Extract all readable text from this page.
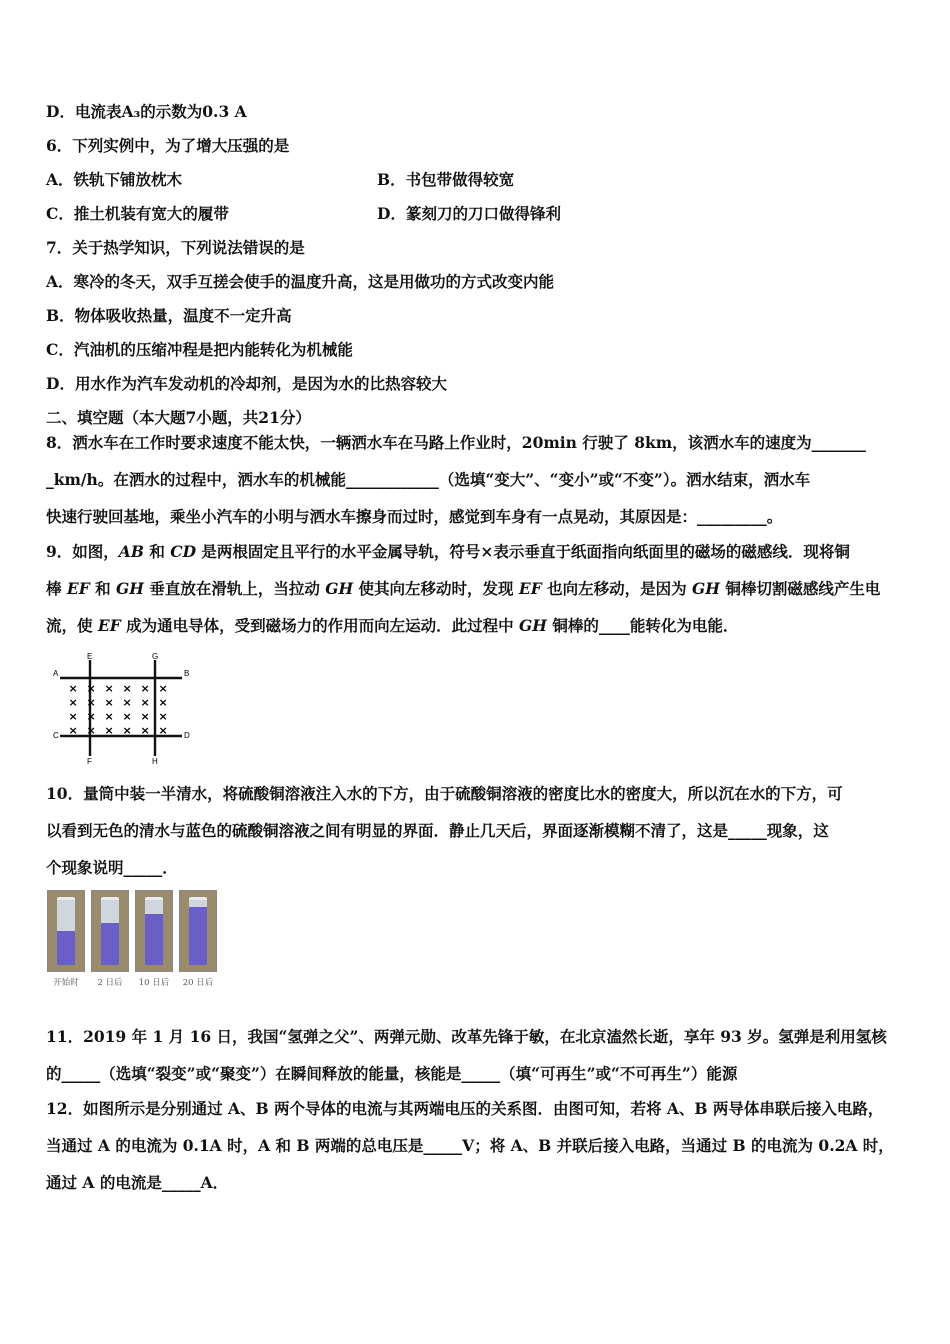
D．电流表A₃的示数为0.3 A
6．下列实例中，为了增大压强的是
A．铁轨下铺放枕木	B．书包带做得较宽
C．推土机装有宽大的履带	D．篆刻刀的刀口做得锋利
7．关于热学知识，下列说法错误的是
A．寒冷的冬天，双手互搓会使手的温度升高，这是用做功的方式改变内能
B．物体吸收热量，温度不一定升高
C．汽油机的压缩冲程是把内能转化为机械能
D．用水作为汽车发动机的冷却剂，是因为水的比热容较大
二、填空题（本大题7小题，共21分）
8．洒水车在工作时要求速度不能太快，一辆洒水车在马路上作业时，20min 行驶了 8km，该洒水车的速度为_______
_km/h。在洒水的过程中，洒水车的机械能____________（选填“变大”、“变小”或“不变”）。洒水结束，洒水车
快速行驶回基地，乘坐小汽车的小明与洒水车擦身而过时，感觉到车身有一点晃动，其原因是：_________。
9．如图，AB 和 CD 是两根固定且平行的水平金属导轨，符号×表示垂直于纸面指向纸面里的磁场的磁感线．现将铜
棒 EF 和 GH 垂直放在滑轨上，当拉动 GH 使其向左移动时，发现 EF 也向左移动，是因为 GH 铜棒切割磁感线产生电
流，使 EF 成为通电导体，受到磁场力的作用而向左运动．此过程中 GH 铜棒的____能转化为电能．
A	B
C	D
E
F
G
H
×
×
×
×
×
×
×
×
×
×
×
×
×
×
×
×
×
×
×
×
×
×
×
×
10．量筒中装一半清水，将硫酸铜溶液注入水的下方，由于硫酸铜溶液的密度比水的密度大，所以沉在水的下方，可
以看到无色的清水与蓝色的硫酸铜溶液之间有明显的界面．静止几天后，界面逐渐模糊不清了，这是_____现象，这
个现象说明_____．
开始时	2 日后	10 日后	20 日后
11．2019 年 1 月 16 日，我国“氢弹之父”、两弹元勋、改革先锋于敏，在北京溘然长逝，享年 93 岁。氢弹是利用氢核
的_____（选填“裂变”或“聚变”）在瞬间释放的能量，核能是_____（填“可再生”或“不可再生”）能源
12．如图所示是分别通过 A、B 两个导体的电流与其两端电压的关系图．由图可知，若将 A、B 两导体串联后接入电路，
当通过 A 的电流为 0.1A 时，A 和 B 两端的总电压是_____V；将 A、B 并联后接入电路，当通过 B 的电流为 0.2A 时，
通过 A 的电流是_____A．
